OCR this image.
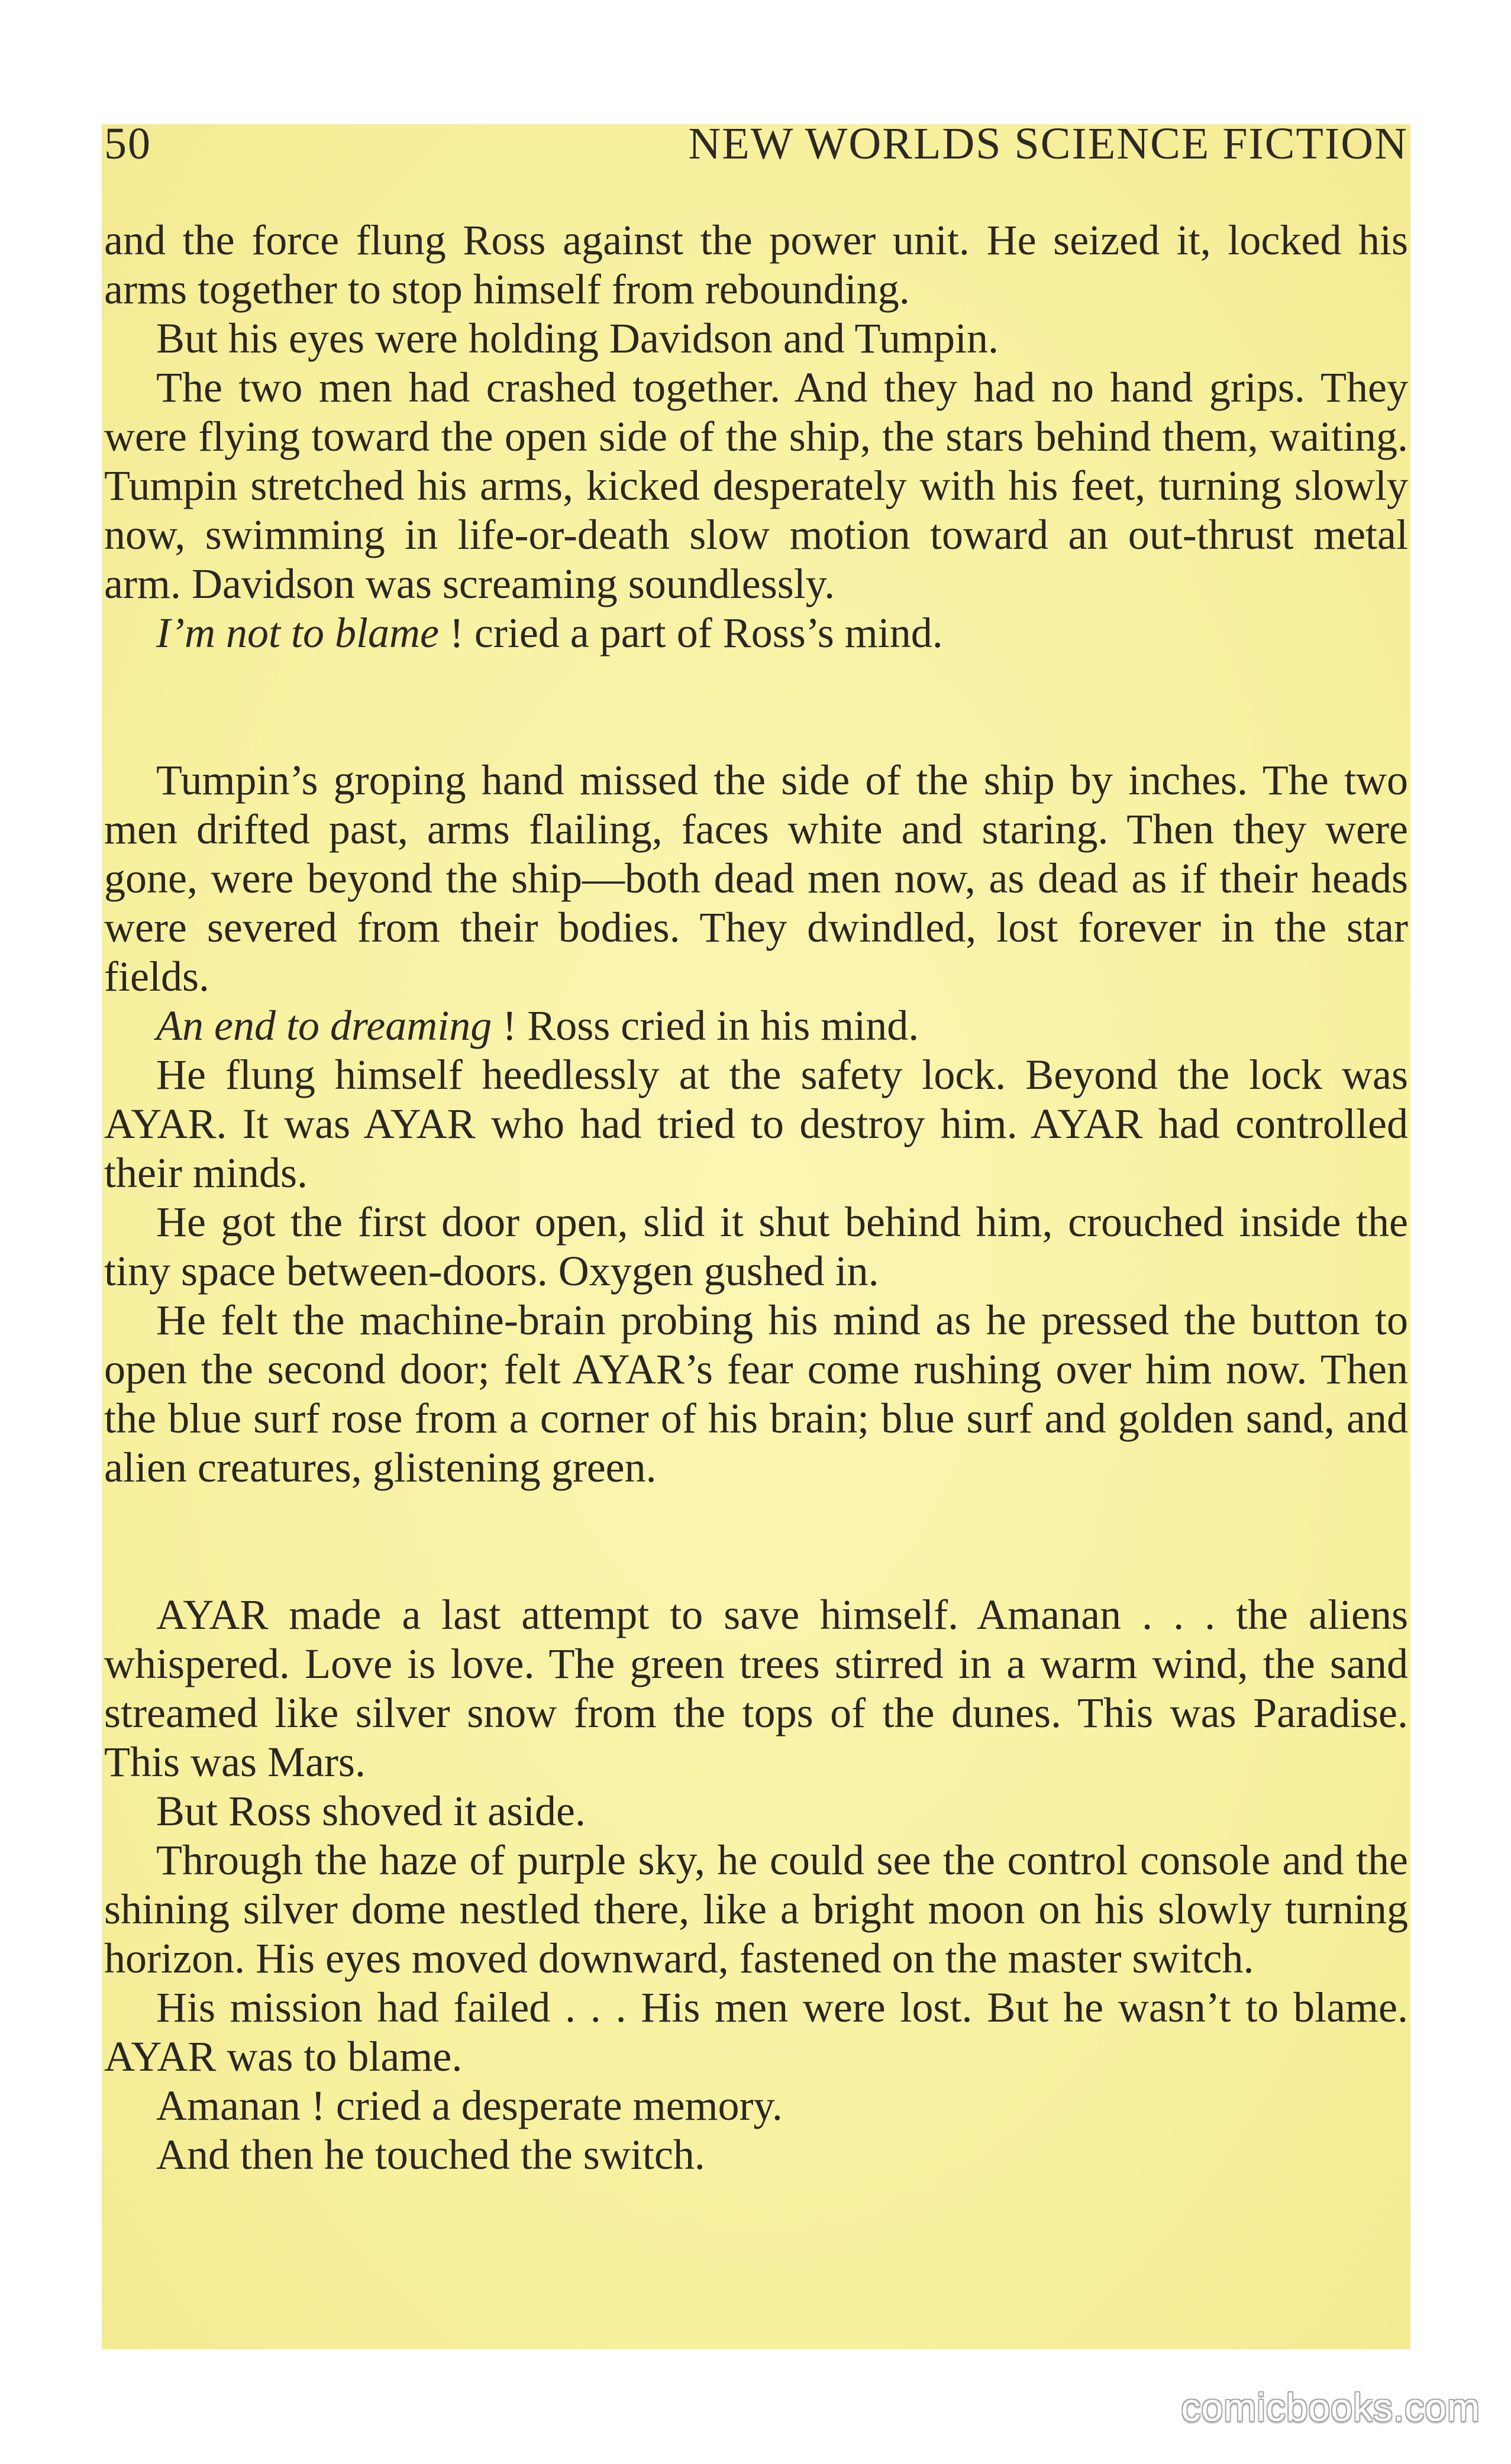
50	NEW WORLDS SCIENCE FICTION

and the force flung Ross against the power unit. He seized it, locked his arms together to stop himself from rebounding.

But his eyes were holding Davidson and Tumpin.

The two men had crashed together. And they had no hand grips. They were flying toward the open side of the ship, the stars behind them, waiting. Tumpin stretched his arms, kicked desperately with his feet, turning slowly now, swimming in life-or-death slow motion toward an out-thrust metal arm. Davidson was screaming soundlessly.

I’m not to blame ! cried a part of Ross’s mind.

Tumpin’s groping hand missed the side of the ship by inches. The two men drifted past, arms flailing, faces white and staring. Then they were gone, were beyond the ship—both dead men now, as dead as if their heads were severed from their bodies. They dwindled, lost forever in the star fields.

An end to dreaming ! Ross cried in his mind.

He flung himself heedlessly at the safety lock. Beyond the lock was AYAR. It was AYAR who had tried to destroy him. AYAR had controlled their minds.

He got the first door open, slid it shut behind him, crouched inside the tiny space between-doors. Oxygen gushed in.

He felt the machine-brain probing his mind as he pressed the button to open the second door; felt AYAR’s fear come rushing over him now. Then the blue surf rose from a corner of his brain; blue surf and golden sand, and alien creatures, glistening green.

AYAR made a last attempt to save himself. Amanan . . . the aliens whispered. Love is love. The green trees stirred in a warm wind, the sand streamed like silver snow from the tops of the dunes. This was Paradise. This was Mars.

But Ross shoved it aside.

Through the haze of purple sky, he could see the control console and the shining silver dome nestled there, like a bright moon on his slowly turning horizon. His eyes moved downward, fastened on the master switch.

His mission had failed . . . His men were lost. But he wasn’t to blame. AYAR was to blame.

Amanan ! cried a desperate memory.

And then he touched the switch.

comicbooks.com
